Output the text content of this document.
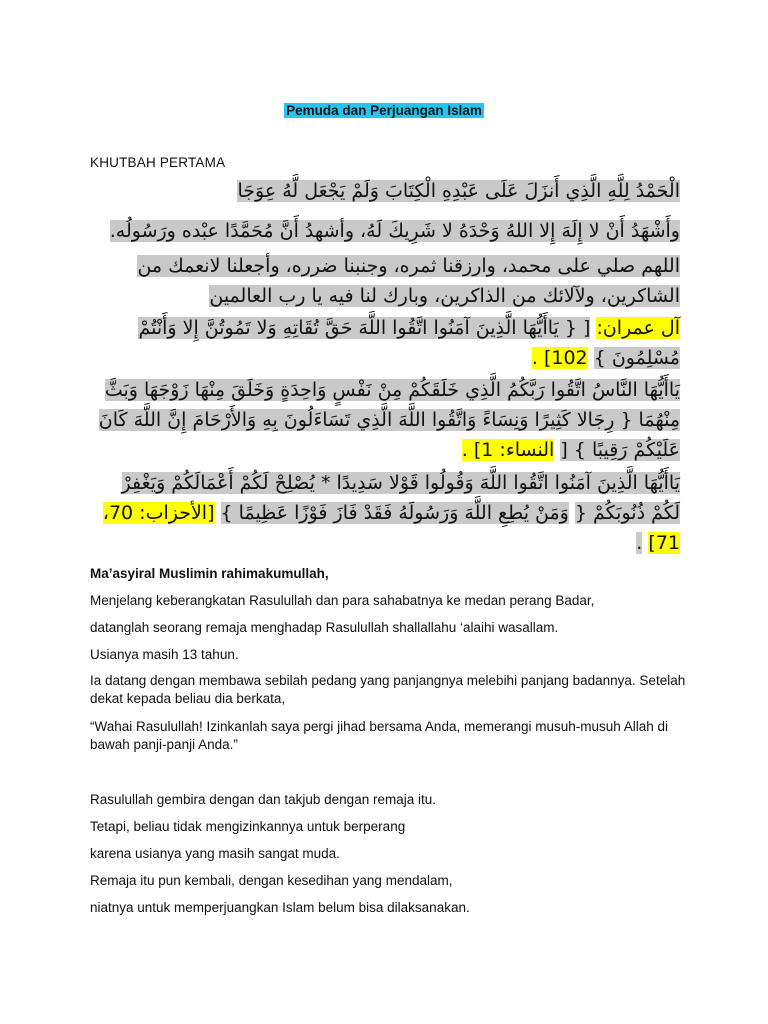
Pemuda dan Perjuangan Islam
KHUTBAH PERTAMA
الْحَمْدُ لِلَّهِ الَّذِي أَنزَلَ عَلَى عَبْدِهِ الْكِتَابَ وَلَمْ يَجْعَل لَّهُ عِوَجَا
وأَشْهَدُ أَنْ لا إِلَهَ إِلا اللهُ وَحْدَهُ لا شَرِيكَ لَهُ، وأشهدُ أَنَّ مُحَمَّدًا عبْده ورَسُولُه.
اللهم صلي على محمد، وارزقنا ثمره، وجنبنا ضرره، وأجعلنا لانعمك من الشاكرين، ولآلائك من الذاكرين، وبارك لنا فيه يا رب العالمين
آل عمران: [ { يَاأَيُّهَا الَّذِينَ آمَنُوا اتَّقُوا اللَّهَ حَقَّ تُقَاتِهِ وَلا تَمُوتُنَّ إِلا وَأَنْتُمْ مُسْلِمُونَ } 102] .
يَاأَيُّهَا النَّاسُ اتَّقُوا رَبَّكُمُ الَّذِي خَلَقَكُمْ مِنْ نَفْسٍ وَاحِدَةٍ وَخَلَقَ مِنْهَا زَوْجَهَا وَبَثَّ مِنْهُمَا { رِجَالا كَثِيرًا وَنِسَاءً وَاتَّقُوا اللَّهَ الَّذِي تَسَاءَلُونَ بِهِ وَالأَرْحَامَ إِنَّ اللَّهَ كَانَ عَلَيْكُمْ رَقِيبًا } [ النساء: 1] .
يَاأَيُّهَا الَّذِينَ آمَنُوا اتَّقُوا اللَّهَ وَقُولُوا قَوْلا سَدِيدًا * يُصْلِحْ لَكُمْ أَعْمَالَكُمْ وَيَغْفِرْ لَكُمْ ذُنُوبَكُمْ { وَمَنْ يُطِعِ اللَّهَ وَرَسُولَهُ فَقَدْ فَازَ فَوْزًا عَظِيمًا } [الأحزاب: 70، 71] .
Ma’asyiral Muslimin rahimakumullah,
Menjelang keberangkatan Rasulullah dan para sahabatnya ke medan perang Badar,
datanglah seorang remaja menghadap Rasulullah shallallahu ‘alaihi wasallam.
Usianya masih 13 tahun.
Ia datang dengan membawa sebilah pedang yang panjangnya melebihi panjang badannya. Setelah dekat kepada beliau dia berkata,
“Wahai Rasulullah! Izinkanlah saya pergi jihad bersama Anda, memerangi musuh-musuh Allah di bawah panji-panji Anda.”
Rasulullah gembira dengan dan takjub dengan remaja itu.
Tetapi, beliau tidak mengizinkannya untuk berperang
karena usianya yang masih sangat muda.
Remaja itu pun kembali, dengan kesedihan yang mendalam,
niatnya untuk memperjuangkan Islam belum bisa dilaksanakan.
